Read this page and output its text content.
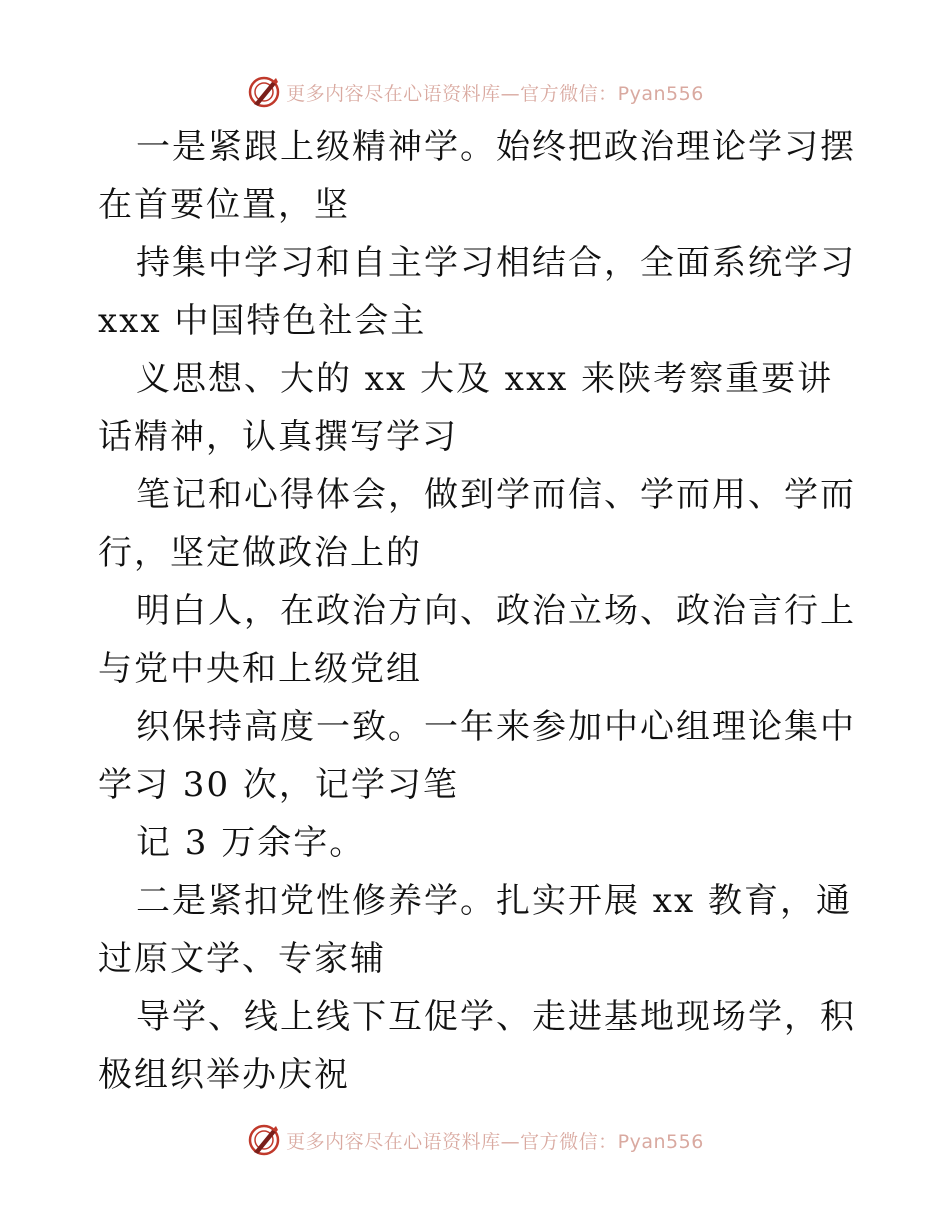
更多内容尽在心语资料库—官方微信：Pyan556

一是紧跟上级精神学。始终把政治理论学习摆在首要位置，坚

持集中学习和自主学习相结合，全面系统学习 xxx 中国特色社会主

义思想、大的 xx 大及 xxx 来陕考察重要讲话精神，认真撰写学习

笔记和心得体会，做到学而信、学而用、学而行，坚定做政治上的

明白人，在政治方向、政治立场、政治言行上与党中央和上级党组

织保持高度一致。一年来参加中心组理论集中学习 30 次，记学习笔

记 3 万余字。

二是紧扣党性修养学。扎实开展 xx 教育，通过原文学、专家辅

导学、线上线下互促学、走进基地现场学，积极组织举办庆祝

更多内容尽在心语资料库—官方微信：Pyan556
